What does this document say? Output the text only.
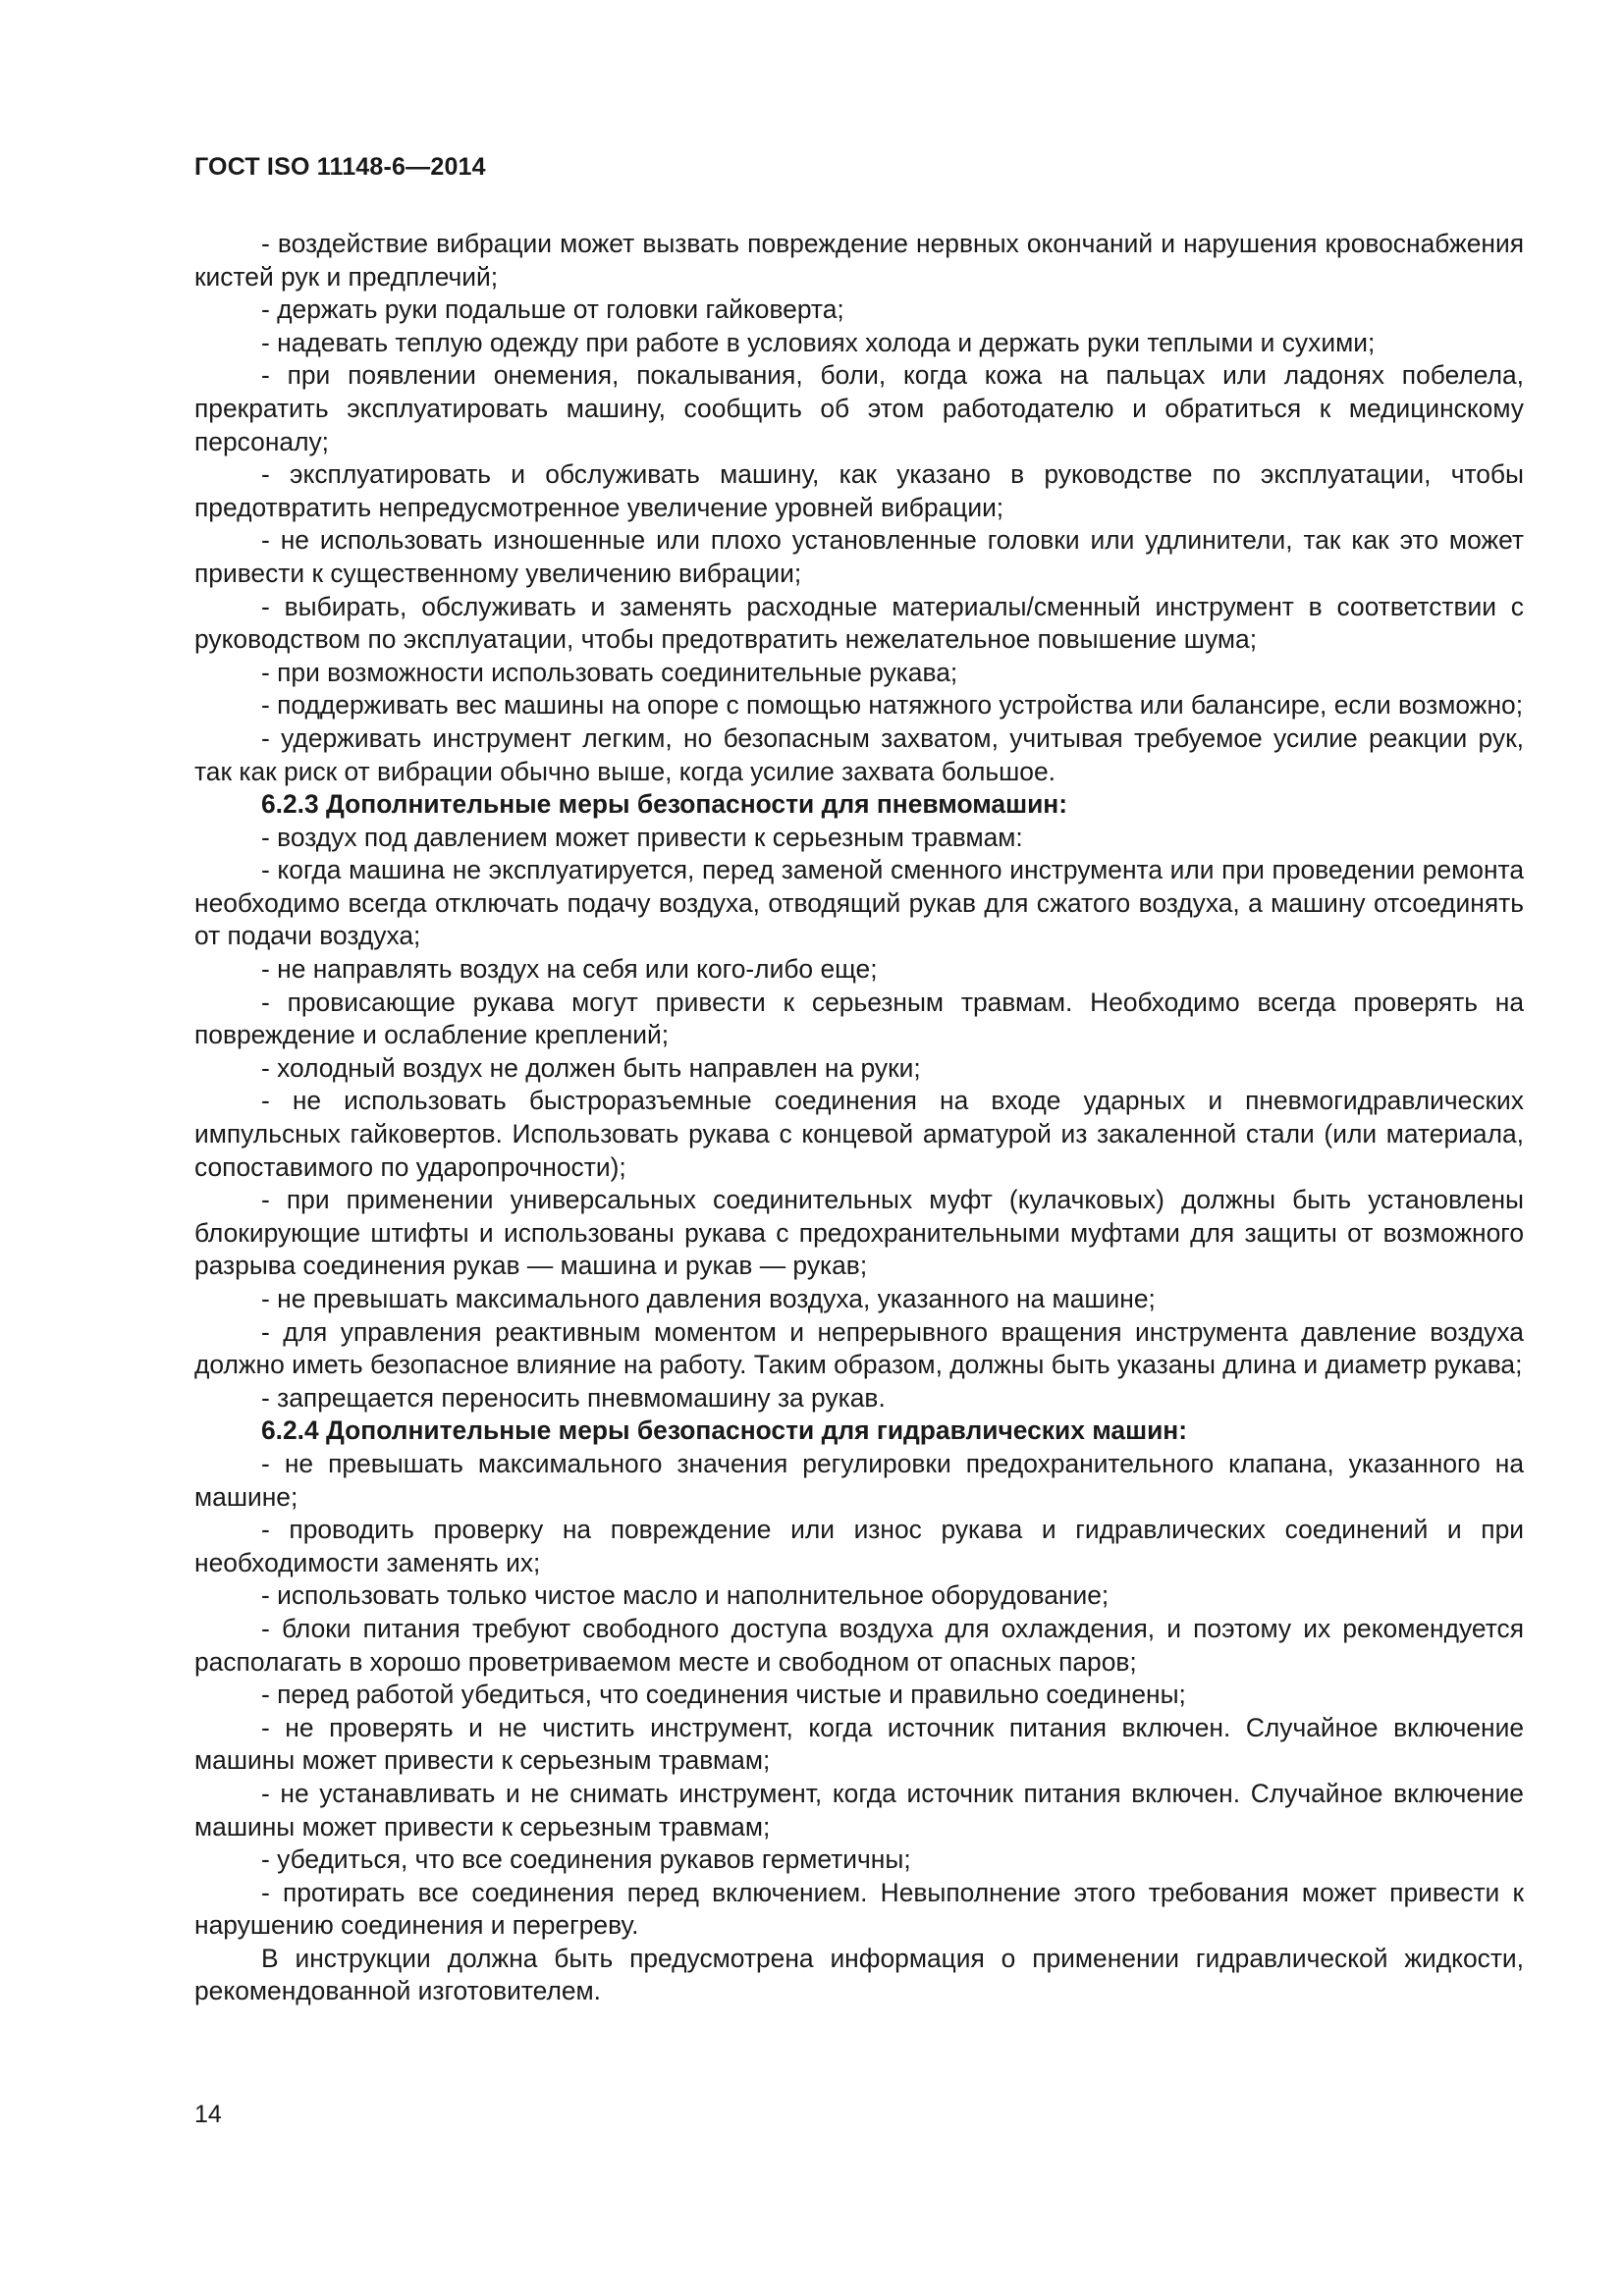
ГОСТ ISO 11148-6—2014

- воздействие вибрации может вызвать повреждение нервных окончаний и нарушения кровоснабжения кистей рук и предплечий;

- держать руки подальше от головки гайковерта;

- надевать теплую одежду при работе в условиях холода и держать руки теплыми и сухими;

- при появлении онемения, покалывания, боли, когда кожа на пальцах или ладонях побелела, прекратить эксплуатировать машину, сообщить об этом работодателю и обратиться к медицинскому персоналу;

- эксплуатировать и обслуживать машину, как указано в руководстве по эксплуатации, чтобы предотвратить непредусмотренное увеличение уровней вибрации;

- не использовать изношенные или плохо установленные головки или удлинители, так как это может привести к существенному увеличению вибрации;

- выбирать, обслуживать и заменять расходные материалы/сменный инструмент в соответствии с руководством по эксплуатации, чтобы предотвратить нежелательное повышение шума;

- при возможности использовать соединительные рукава;

- поддерживать вес машины на опоре с помощью натяжного устройства или балансире, если возможно;

- удерживать инструмент легким, но безопасным захватом, учитывая требуемое усилие реакции рук, так как риск от вибрации обычно выше, когда усилие захвата большое.

6.2.3 Дополнительные меры безопасности для пневмомашин:

- воздух под давлением может привести к серьезным травмам:

- когда машина не эксплуатируется, перед заменой сменного инструмента или при проведении ремонта необходимо всегда отключать подачу воздуха, отводящий рукав для сжатого воздуха, а машину отсоединять от подачи воздуха;

- не направлять воздух на себя или кого-либо еще;

- провисающие рукава могут привести к серьезным травмам. Необходимо всегда проверять на повреждение и ослабление креплений;

- холодный воздух не должен быть направлен на руки;

- не использовать быстроразъемные соединения на входе ударных и пневмогидравлических импульсных гайковертов. Использовать рукава с концевой арматурой из закаленной стали (или материала, сопоставимого по ударопрочности);

- при применении универсальных соединительных муфт (кулачковых) должны быть установлены блокирующие штифты и использованы рукава с предохранительными муфтами для защиты от возможного разрыва соединения рукав — машина и рукав — рукав;

- не превышать максимального давления воздуха, указанного на машине;

- для управления реактивным моментом и непрерывного вращения инструмента давление воздуха должно иметь безопасное влияние на работу. Таким образом, должны быть указаны длина и диаметр рукава;

- запрещается переносить пневмомашину за рукав.

6.2.4 Дополнительные меры безопасности для гидравлических машин:

- не превышать максимального значения регулировки предохранительного клапана, указанного на машине;

- проводить проверку на повреждение или износ рукава и гидравлических соединений и при необходимости заменять их;

- использовать только чистое масло и наполнительное оборудование;

- блоки питания требуют свободного доступа воздуха для охлаждения, и поэтому их рекомендуется располагать в хорошо проветриваемом месте и свободном от опасных паров;

- перед работой убедиться, что соединения чистые и правильно соединены;

- не проверять и не чистить инструмент, когда источник питания включен. Случайное включение машины может привести к серьезным травмам;

- не устанавливать и не снимать инструмент, когда источник питания включен. Случайное включение машины может привести к серьезным травмам;

- убедиться, что все соединения рукавов герметичны;

- протирать все соединения перед включением. Невыполнение этого требования может привести к нарушению соединения и перегреву.

В инструкции должна быть предусмотрена информация о применении гидравлической жидкости, рекомендованной изготовителем.

14
